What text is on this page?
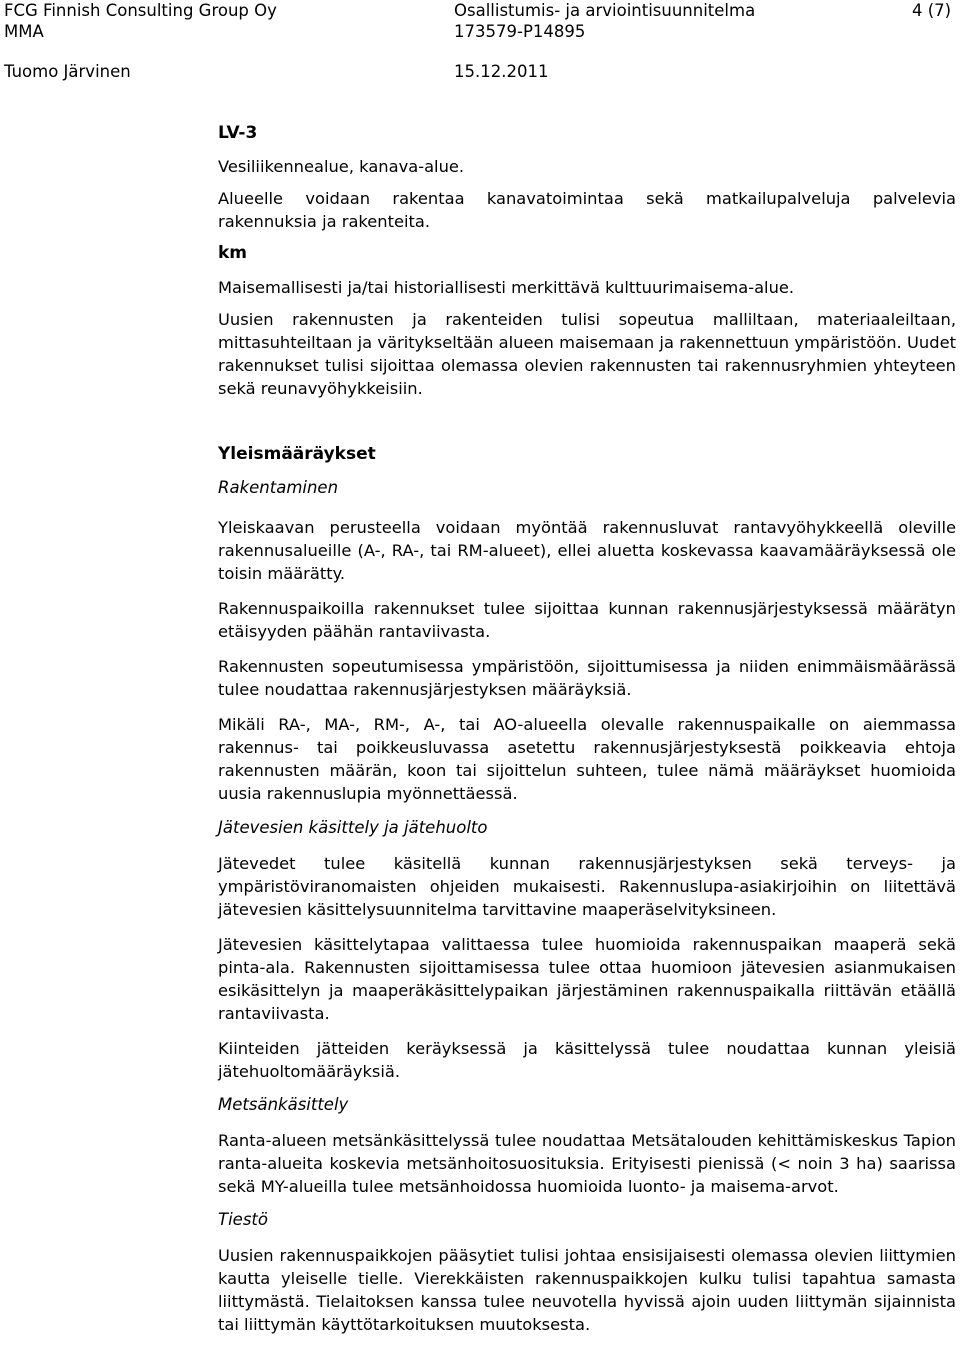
FCG Finnish Consulting Group Oy	Osallistumis- ja arviointisuunnitelma	4 (7)
MMA	173579-P14895
Tuomo Järvinen	15.12.2011

LV-3

Vesiliikennealue, kanava-alue.

Alueelle voidaan rakentaa kanavatoimintaa sekä matkailupalveluja palvelevia rakennuksia ja rakenteita.

km

Maisemallisesti ja/tai historiallisesti merkittävä kulttuurimaisema-alue.

Uusien rakennusten ja rakenteiden tulisi sopeutua malliltaan, materiaaleiltaan, mittasuhteiltaan ja väritykseltään alueen maisemaan ja rakennettuun ympäristöön. Uudet rakennukset tulisi sijoittaa olemassa olevien rakennusten tai rakennusryhmien yhteyteen sekä reunavyöhykkeisiin.

Yleismääräykset

Rakentaminen

Yleiskaavan perusteella voidaan myöntää rakennusluvat rantavyöhykkeellä oleville rakennusalueille (A-, RA-, tai RM-alueet), ellei aluetta koskevassa kaavamääräyksessä ole toisin määrätty.

Rakennuspaikoilla rakennukset tulee sijoittaa kunnan rakennusjärjestyksessä määrätyn etäisyyden päähän rantaviivasta.

Rakennusten sopeutumisessa ympäristöön, sijoittumisessa ja niiden enimmäismäärässä tulee noudattaa rakennusjärjestyksen määräyksiä.

Mikäli RA-, MA-, RM-, A-, tai AO-alueella olevalle rakennuspaikalle on aiemmassa rakennus- tai poikkeusluvassa asetettu rakennusjärjestyksestä poikkeavia ehtoja rakennusten määrän, koon tai sijoittelun suhteen, tulee nämä määräykset huomioida uusia rakennuslupia myönnettäessä.

Jätevesien käsittely ja jätehuolto

Jätevedet tulee käsitellä kunnan rakennusjärjestyksen sekä terveys- ja ympäristöviranomaisten ohjeiden mukaisesti. Rakennuslupa-asiakirjoihin on liitettävä jätevesien käsittelysuunnitelma tarvittavine maaperäselvityksineen.

Jätevesien käsittelytapaa valittaessa tulee huomioida rakennuspaikan maaperä sekä pinta-ala. Rakennusten sijoittamisessa tulee ottaa huomioon jätevesien asianmukaisen esikäsittelyn ja maaperäkäsittelypaikan järjestäminen rakennuspaikalla riittävän etäällä rantaviivasta.

Kiinteiden jätteiden keräyksessä ja käsittelyssä tulee noudattaa kunnan yleisiä jätehuoltomääräyksiä.

Metsänkäsittely

Ranta-alueen metsänkäsittelyssä tulee noudattaa Metsätalouden kehittämiskeskus Tapion ranta-alueita koskevia metsänhoitosuosituksia. Erityisesti pienissä (< noin 3 ha) saarissa sekä MY-alueilla tulee metsänhoidossa huomioida luonto- ja maisema-arvot.

Tiestö

Uusien rakennuspaikkojen pääsytiet tulisi johtaa ensisijaisesti olemassa olevien liittymien kautta yleiselle tielle. Vierekkäisten rakennuspaikkojen kulku tulisi tapahtua samasta liittymästä. Tielaitoksen kanssa tulee neuvotella hyvissä ajoin uuden liittymän sijainnista tai liittymän käyttötarkoituksen muutoksesta.
